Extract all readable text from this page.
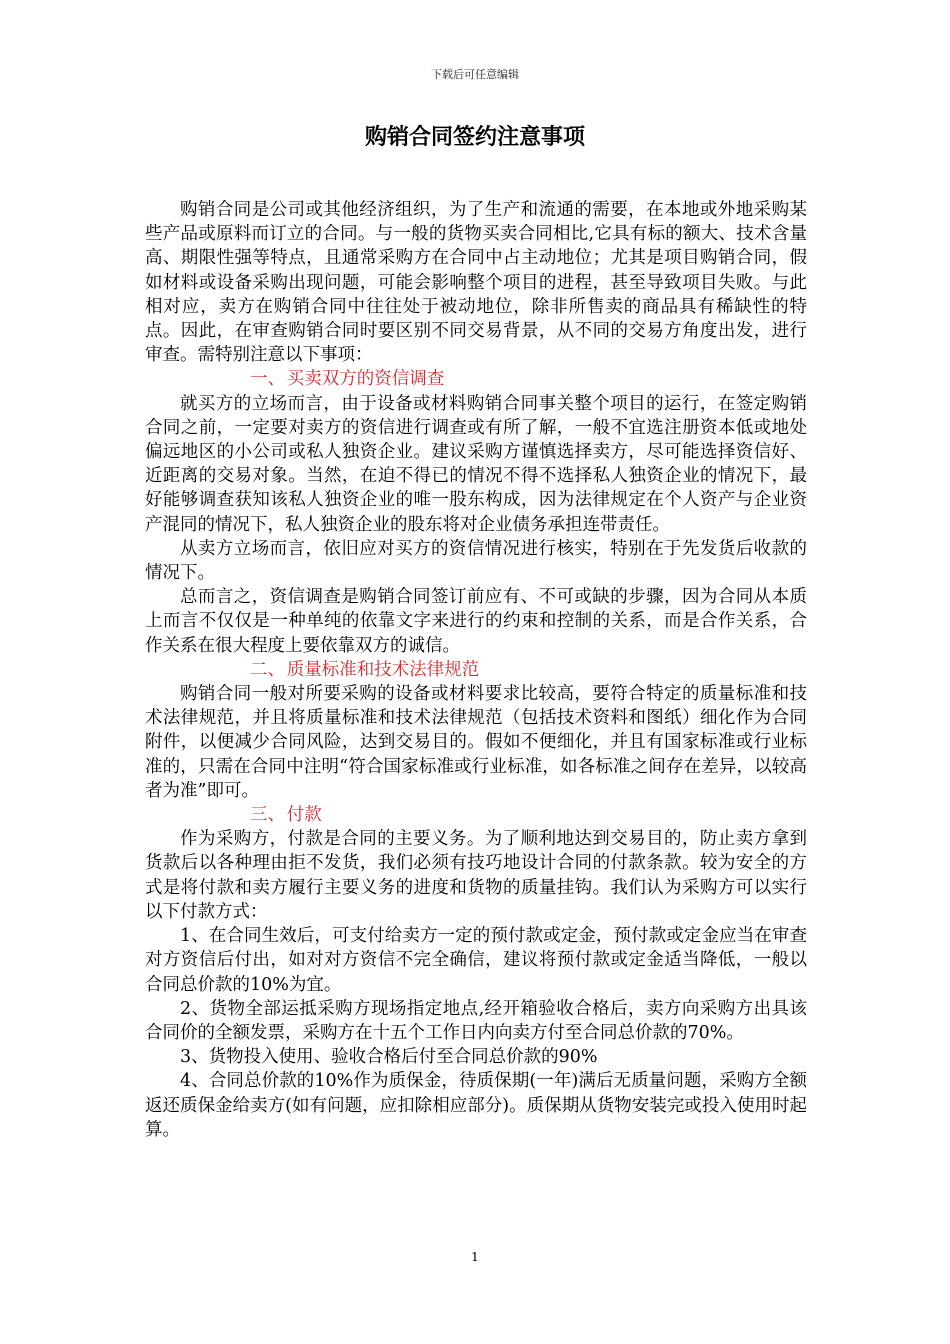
下载后可任意编辑
购销合同签约注意事项

购销合同是公司或其他经济组织，为了生产和流通的需要，在本地或外地采购某些产品或原料而订立的合同。与一般的货物买卖合同相比,它具有标的额大、技术含量高、期限性强等特点，且通常采购方在合同中占主动地位；尤其是项目购销合同，假如材料或设备采购出现问题，可能会影响整个项目的进程，甚至导致项目失败。与此相对应，卖方在购销合同中往往处于被动地位，除非所售卖的商品具有稀缺性的特点。因此，在审查购销合同时要区别不同交易背景，从不同的交易方角度出发，进行审查。需特别注意以下事项：

一、 买卖双方的资信调查

就买方的立场而言，由于设备或材料购销合同事关整个项目的运行，在签定购销合同之前，一定要对卖方的资信进行调查或有所了解，一般不宜选注册资本低或地处偏远地区的小公司或私人独资企业。建议采购方谨慎选择卖方，尽可能选择资信好、近距离的交易对象。当然，在迫不得已的情况不得不选择私人独资企业的情况下，最好能够调查获知该私人独资企业的唯一股东构成，因为法律规定在个人资产与企业资产混同的情况下，私人独资企业的股东将对企业债务承担连带责任。

从卖方立场而言，依旧应对买方的资信情况进行核实，特别在于先发货后收款的情况下。

总而言之，资信调查是购销合同签订前应有、不可或缺的步骤，因为合同从本质上而言不仅仅是一种单纯的依靠文字来进行的约束和控制的关系，而是合作关系，合作关系在很大程度上要依靠双方的诚信。

二、 质量标准和技术法律规范

购销合同一般对所要采购的设备或材料要求比较高，要符合特定的质量标准和技术法律规范，并且将质量标准和技术法律规范（包括技术资料和图纸）细化作为合同附件，以便减少合同风险，达到交易目的。假如不便细化，并且有国家标准或行业标准的，只需在合同中注明“符合国家标准或行业标准，如各标准之间存在差异，以较高者为准”即可。

三、 付款

作为采购方，付款是合同的主要义务。为了顺利地达到交易目的，防止卖方拿到货款后以各种理由拒不发货，我们必须有技巧地设计合同的付款条款。较为安全的方式是将付款和卖方履行主要义务的进度和货物的质量挂钩。我们认为采购方可以实行以下付款方式：

1、在合同生效后，可支付给卖方一定的预付款或定金，预付款或定金应当在审查对方资信后付出，如对对方资信不完全确信，建议将预付款或定金适当降低，一般以合同总价款的10%为宜。

2、货物全部运抵采购方现场指定地点,经开箱验收合格后，卖方向采购方出具该合同价的全额发票，采购方在十五个工作日内向卖方付至合同总价款的70%。

3、货物投入使用、验收合格后付至合同总价款的90%

4、合同总价款的10%作为质保金，待质保期(一年)满后无质量问题，采购方全额返还质保金给卖方(如有问题，应扣除相应部分)。质保期从货物安装完或投入使用时起算。

1
